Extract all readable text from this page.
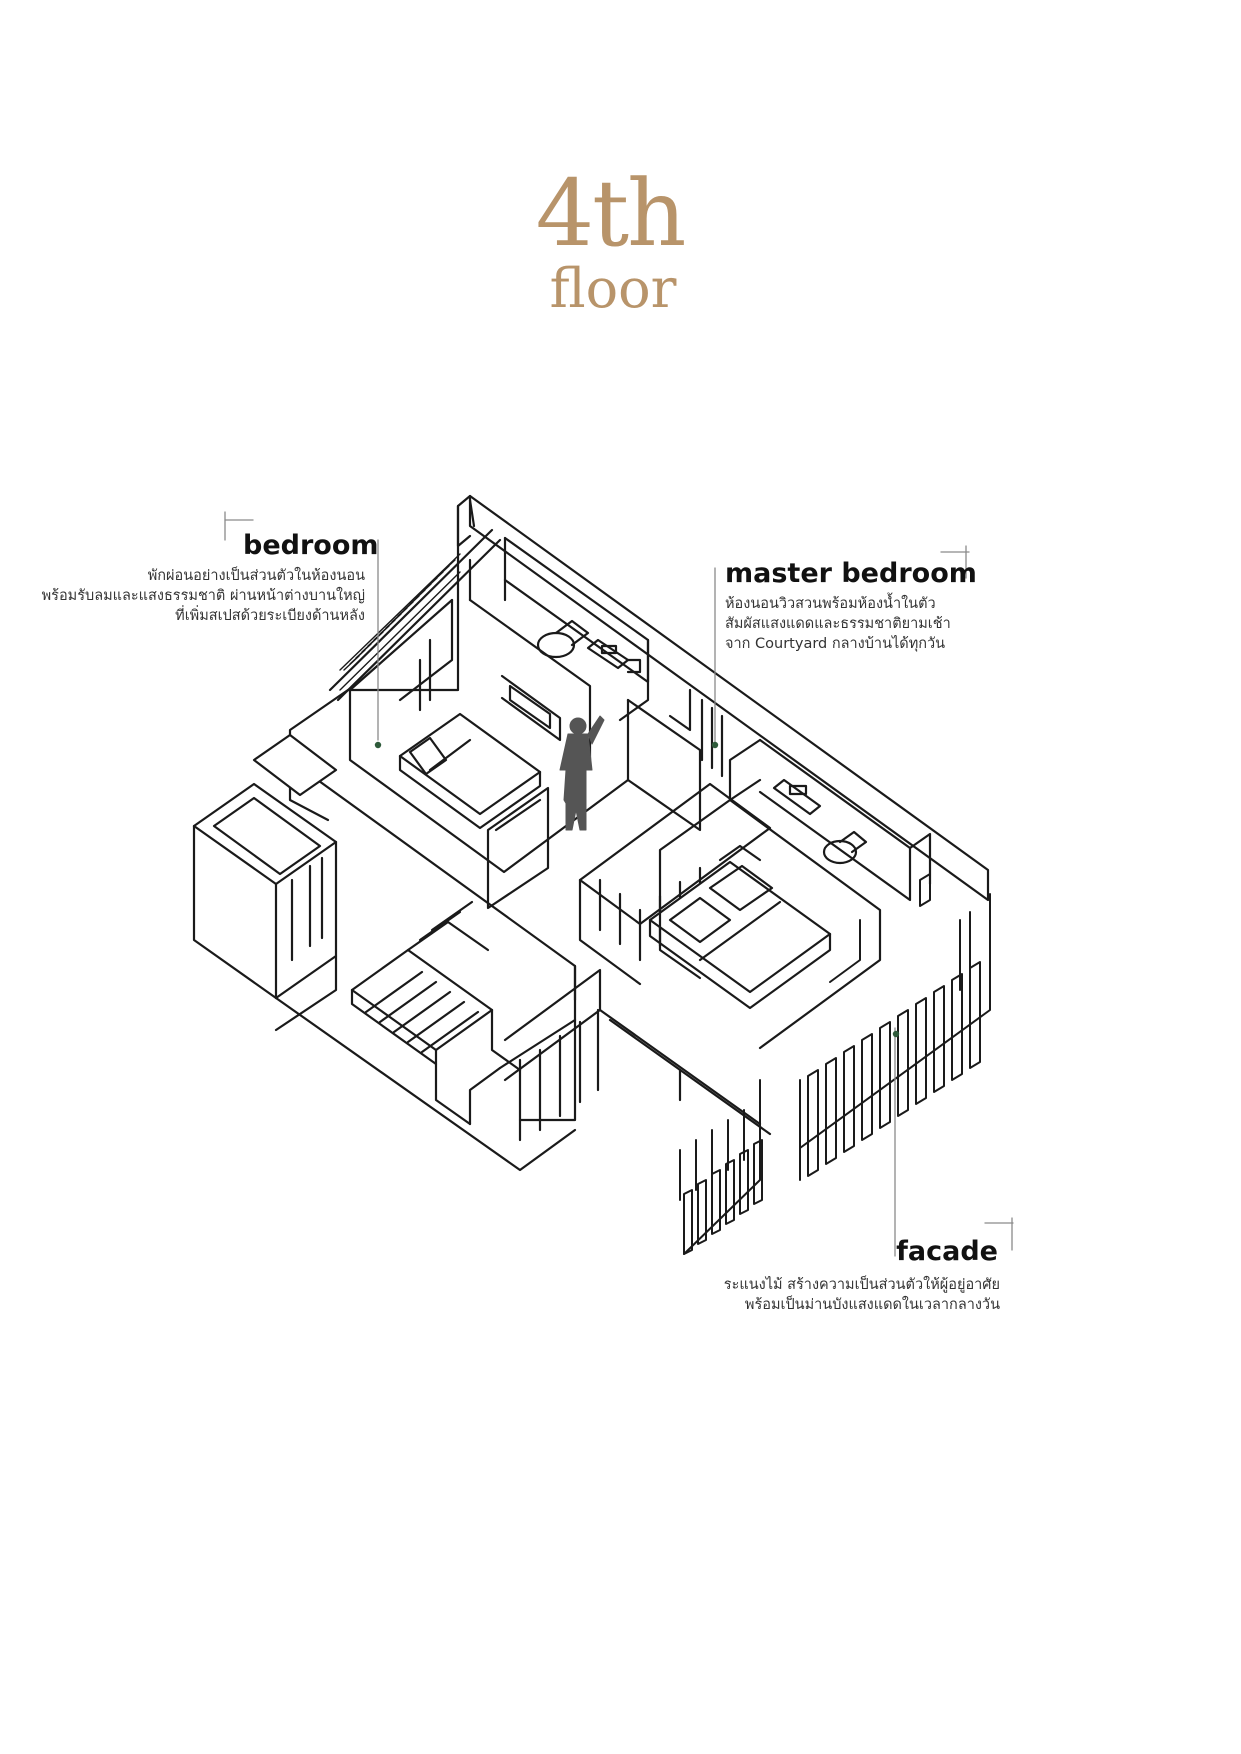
4th
floor
bedroom
พักผ่อนอย่างเป็นส่วนตัวในห้องนอน
พร้อมรับลมและแสงธรรมชาติ ผ่านหน้าต่างบานใหญ่
ที่เพิ่มสเปสด้วยระเบียงด้านหลัง
master bedroom
ห้องนอนวิวสวนพร้อมห้องน้ำในตัว
สัมผัสแสงแดดและธรรมชาติยามเช้า
จาก Courtyard กลางบ้านได้ทุกวัน
facade
ระแนงไม้ สร้างความเป็นส่วนตัวให้ผู้อยู่อาศัย
พร้อมเป็นม่านบังแสงแดดในเวลากลางวัน
